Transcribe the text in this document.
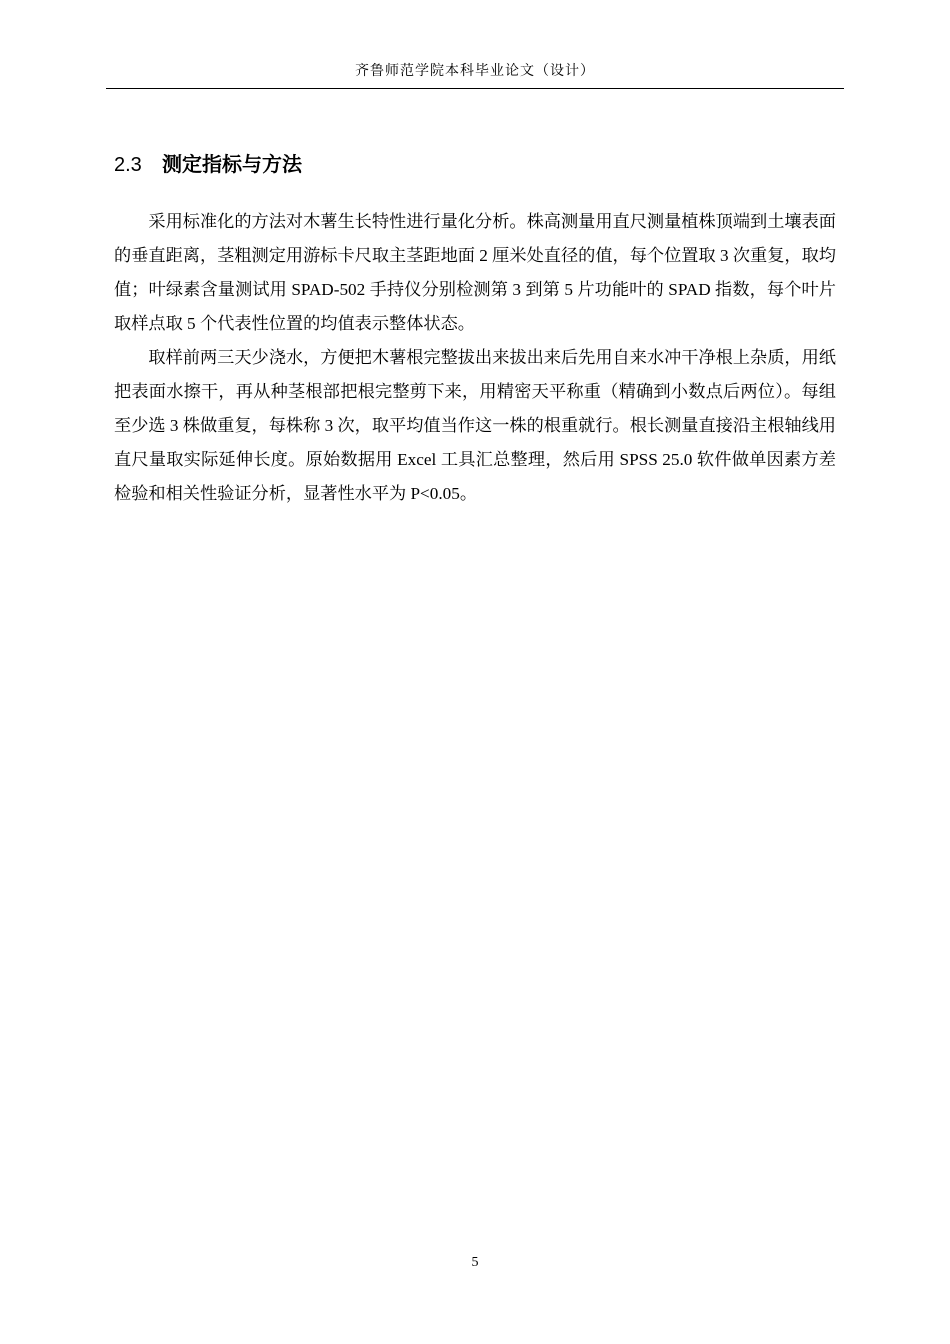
齐鲁师范学院本科毕业论文（设计）
2.3 测定指标与方法

采用标准化的方法对木薯生长特性进行量化分析。株高测量用直尺测量植株顶端到土壤表面的垂直距离，茎粗测定用游标卡尺取主茎距地面 2 厘米处直径的值，每个位置取 3 次重复，取均值；叶绿素含量测试用 SPAD-502 手持仪分别检测第 3 到第 5 片功能叶的 SPAD 指数，每个叶片取样点取 5 个代表性位置的均值表示整体状态。

取样前两三天少浇水，方便把木薯根完整拔出来拔出来后先用自来水冲干净根上杂质，用纸把表面水擦干，再从种茎根部把根完整剪下来，用精密天平称重（精确到小数点后两位）。每组至少选 3 株做重复，每株称 3 次，取平均值当作这一株的根重就行。根长测量直接沿主根轴线用直尺量取实际延伸长度。原始数据用 Excel 工具汇总整理，然后用 SPSS 25.0 软件做单因素方差检验和相关性验证分析，显著性水平为 P<0.05。

5
